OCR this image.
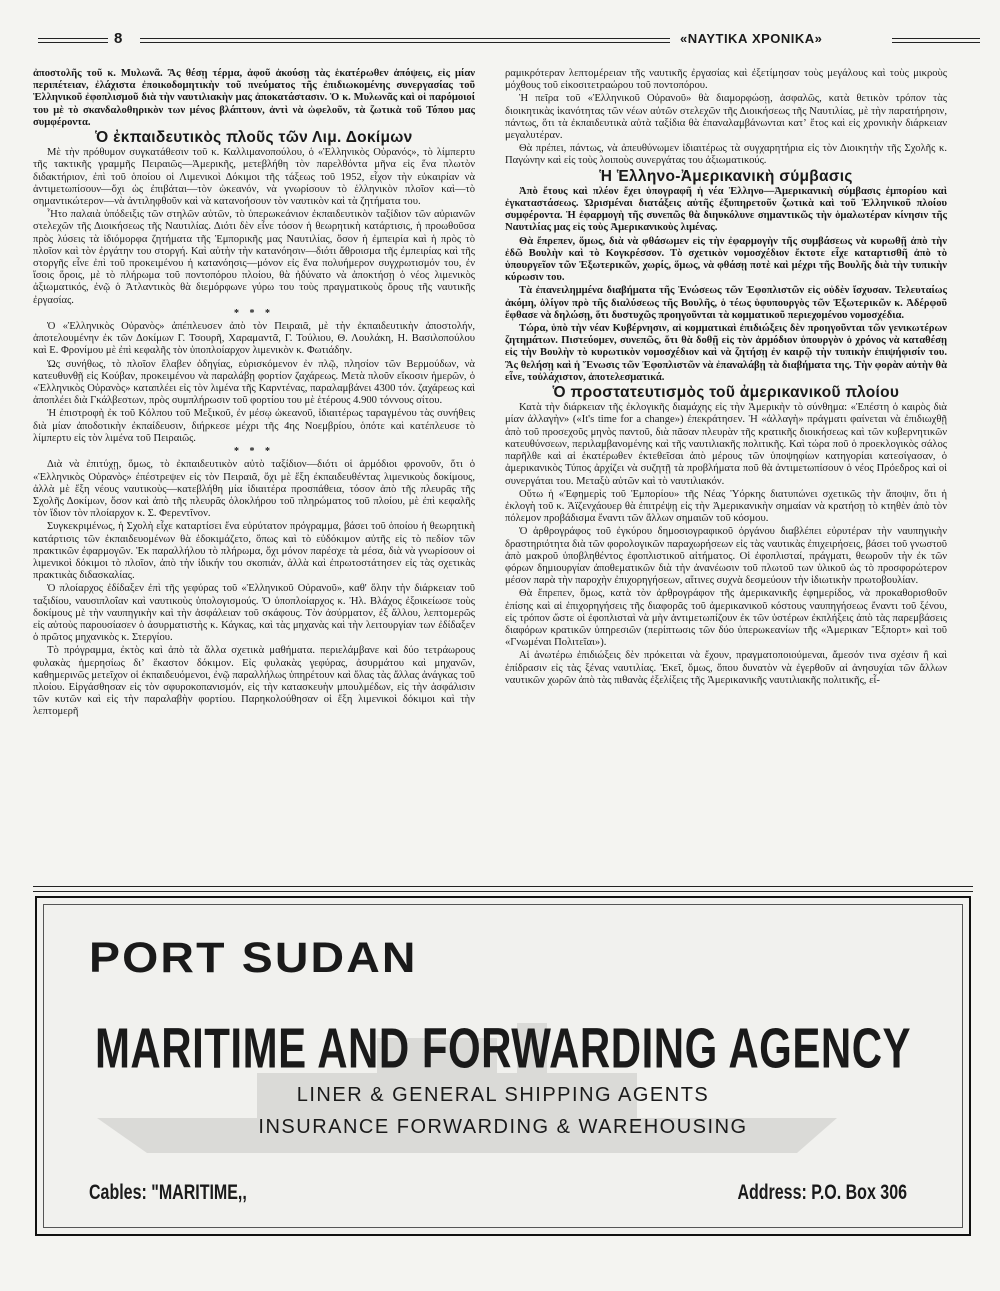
8	«ΝΑΥΤΙΚΑ ΧΡΟΝΙΚΑ»

ἀποστολῆς τοῦ κ. Μυλωνᾶ. Ἂς θέσῃ τέρμα, ἀφοῦ ἀκούσῃ τὰς ἑκατέρωθεν ἀπόψεις, εἰς μίαν περιπέτειαν, ἐλάχιστα ἐποικοδομητικὴν τοῦ πνεύματος τῆς ἐπιδιωκομένης συνεργασίας τοῦ Ἑλληνικοῦ ἐφοπλισμοῦ διὰ τὴν ναυτιλιακὴν μας ἀποκατάστασιν. Ὁ κ. Μυλωνᾶς καὶ οἱ παρόμοιοί του μὲ τὸ σκανδαλοθηρικὸν των μένος βλάπτουν, ἀντὶ νὰ ὠφελοῦν, τὰ ζωτικὰ τοῦ Τόπου μας συμφέροντα.

Ὁ ἐκπαιδευτικὸς πλοῦς τῶν Λιμ. Δοκίμων

Μὲ τὴν πρόθυμον συγκατάθεσιν τοῦ κ. Καλλιμανοπούλου, ὁ «Ἑλληνικὸς Οὐρανός», τὸ λίμπερτυ τῆς τακτικῆς γραμμῆς Πειραιῶς—Ἀμερικῆς, μετεβλήθη τὸν παρελθόντα μῆνα εἰς ἕνα πλωτὸν διδακτήριον, ἐπὶ τοῦ ὁποίου οἱ Λιμενικοὶ Δόκιμοι τῆς τάξεως τοῦ 1952, εἶχον τὴν εὐκαιρίαν νὰ ἀντιμετωπίσουν—ὄχι ὡς ἐπιβάται—τὸν ὠκεανόν, νὰ γνωρίσουν τὸ ἑλληνικὸν πλοῖον καὶ—τὸ σημαντικώτερον—νὰ ἀντιληφθοῦν καὶ νὰ κατανοήσουν τὸν ναυτικὸν καὶ τὰ ζητήματα του.

Ἦτο παλαιὰ ὑπόδειξις τῶν στηλῶν αὐτῶν, τὸ ὑπερωκεάνιον ἐκπαιδευτικὸν ταξίδιον τῶν αὐριανῶν στελεχῶν τῆς Διοικήσεως τῆς Ναυτιλίας. Διότι δὲν εἶνε τόσον ἡ θεωρητικὴ κατάρτισις, ἡ προωθοῦσα πρὸς λύσεις τὰ ἰδιόμορφα ζητήματα τῆς Ἐμπορικῆς μας Ναυτιλίας, ὅσον ἡ ἐμπειρία καὶ ἡ πρὸς τὸ πλοῖον καὶ τὸν ἐργάτην του στοργή. Καὶ αὐτὴν τὴν κατανόησιν—διότι ἄθροισμα τῆς ἐμπειρίας καὶ τῆς στοργῆς εἶνε ἐπὶ τοῦ προκειμένου ἡ κατανόησις—μόνον εἰς ἕνα πολυήμερον συγχρωτισμόν του, ἐν ἴσοις ὅροις, μὲ τὸ πλήρωμα τοῦ ποντοπόρου πλοίου, θὰ ἠδύνατο νὰ ἀποκτήσῃ ὁ νέος λιμενικὸς ἀξιωματικός, ἐνῷ ὁ Ἀτλαντικὸς θὰ διεμόρφωνε γύρω του τοὺς πραγματικοὺς ὅρους τῆς ναυτικῆς ἐργασίας.

* * *

Ὁ «Ἑλληνικὸς Οὐρανὸς» ἀπέπλευσεν ἀπὸ τὸν Πειραιᾶ, μὲ τὴν ἐκπαιδευτικὴν ἀποστολήν, ἀποτελουμένην ἐκ τῶν Δοκίμων Γ. Τσουρῆ, Χαραμαντᾶ, Γ. Τούλιου, Θ. Λουλάκη, Η. Βασιλοπούλου καὶ Ε. Φρονίμου μὲ ἐπὶ κεφαλῆς τὸν ὑποπλοίαρχον λιμενικὸν κ. Φωτιάδην.

Ὡς συνήθως, τὸ πλοῖον ἔλαβεν ὁδηγίας, εὑρισκόμενον ἐν πλῷ, πλησίον τῶν Βερμούδων, νὰ κατευθυνθῇ εἰς Κούβαν, προκειμένου νὰ παραλάβῃ φορτίον ζαχάρεως. Μετὰ πλοῦν εἴκοσιν ἡμερῶν, ὁ «Ἑλληνικὸς Οὐρανὸς» καταπλέει εἰς τὸν λιμένα τῆς Καρντένας, παραλαμβάνει 4300 τόν. ζαχάρεως καὶ ἀποπλέει διὰ Γκάλβεστων, πρὸς συμπλήρωσιν τοῦ φορτίου του μὲ ἑτέρους 4.900 τόννους σίτου.

Ἡ ἐπιστροφὴ ἐκ τοῦ Κόλπου τοῦ Μεξικοῦ, ἐν μέσῳ ὠκεανοῦ, ἰδιαιτέρως ταραγμένου τὰς συνήθεις διὰ μίαν ἀποδοτικὴν ἐκπαίδευσιν, διήρκεσε μέχρι τῆς 4ης Νοεμβρίου, ὁπότε καὶ κατέπλευσε τὸ λίμπερτυ εἰς τὸν λιμένα τοῦ Πειραιῶς.

* * *

Διὰ νὰ ἐπιτύχῃ, ὅμως, τὸ ἐκπαιδευτικὸν αὐτὸ ταξίδιον—διότι οἱ ἁρμόδιοι φρονοῦν, ὅτι ὁ «Ἑλληνικὸς Οὐρανὸς» ἐπέστρεψεν εἰς τὸν Πειραιᾶ, ὄχι μὲ ἕξη ἐκπαιδευθέντας λιμενικοὺς δοκίμους, ἀλλὰ μὲ ἕξη νέους ναυτικοὺς—κατεβλήθη μία ἰδιαιτέρα προσπάθεια, τόσον ἀπὸ τῆς πλευρᾶς τῆς Σχολῆς Δοκίμων, ὅσον καὶ ἀπὸ τῆς πλευρᾶς ὁλοκλήρου τοῦ πληρώματος τοῦ πλοίου, μὲ ἐπὶ κεφαλῆς τὸν ἴδιον τὸν πλοίαρχον κ. Σ. Φερεντῖνον.

Συγκεκριμένως, ἡ Σχολὴ εἶχε καταρτίσει ἕνα εὐρύτατον πρόγραμμα, βάσει τοῦ ὁποίου ἡ θεωρητικὴ κατάρτισις τῶν ἐκπαιδευομένων θὰ ἐδοκιμάζετο, ὅπως καὶ τὸ εὐδόκιμον αὐτῆς εἰς τὸ πεδίον τῶν πρακτικῶν ἐφαρμογῶν. Ἐκ παραλλήλου τὸ πλήρωμα, ὄχι μόνον παρέσχε τὰ μέσα, διὰ νὰ γνωρίσουν οἱ λιμενικοὶ δόκιμοι τὸ πλοῖον, ἀπὸ τὴν ἰδικήν του σκοπιάν, ἀλλὰ καὶ ἐπρωτοστάτησεν εἰς τὰς σχετικὰς πρακτικὰς διδασκαλίας.

Ὁ πλοίαρχος ἐδίδαξεν ἐπὶ τῆς γεφύρας τοῦ «Ἑλληνικοῦ Οὐρανοῦ», καθ' ὅλην τὴν διάρκειαν τοῦ ταξιδίου, ναυσιπλοΐαν καὶ ναυτικοὺς ὑπολογισμούς. Ὁ ὑποπλοίαρχος κ. Ἠλ. Βλάχος ἐξοικείωσε τοὺς δοκίμους μὲ τὴν ναυπηγικὴν καὶ τὴν ἀσφάλειαν τοῦ σκάφους. Τὸν ἀσύρματον, ἐξ ἄλλου, λεπτομερῶς εἰς αὐτοὺς παρουσίασεν ὁ ἀσυρματιστὴς κ. Κάγκας, καὶ τὰς μηχανὰς καὶ τὴν λειτουργίαν των ἐδίδαξεν ὁ πρῶτος μηχανικὸς κ. Στεργίου.

Τὸ πρόγραμμα, ἐκτὸς καὶ ἀπὸ τὰ ἄλλα σχετικὰ μαθήματα. περιελάμβανε καὶ δύο τετράωρους φυλακὰς ἡμερησίως διʼ ἕκαστον δόκιμον. Εἰς φυλακὰς γεφύρας, ἀσυρμάτου καὶ μηχανῶν, καθημερινῶς μετεῖχον οἱ ἐκπαιδευόμενοι, ἐνῷ παραλλήλως ὑπηρέτουν καὶ ὅλας τὰς ἄλλας ἀνάγκας τοῦ πλοίου. Εἰργάσθησαν εἰς τὸν σφυροκοπανισμόν, εἰς τὴν κατασκευὴν μπουλμέδων, εἰς τὴν ἀσφάλισιν τῶν κυτῶν καὶ εἰς τὴν παραλαβὴν φορτίου. Παρηκολούθησαν οἱ ἕξη λιμενικοὶ δόκιμοι καὶ τὴν λεπτομερῆ

ραμικρότεραν λεπτομέρειαν τῆς ναυτικῆς ἐργασίας καὶ ἐξετίμησαν τοὺς μεγάλους καὶ τοὺς μικροὺς μόχθους τοῦ εἰκοσιτετραώρου τοῦ ποντοπόρου.

Ἡ πεῖρα τοῦ «Ἑλληνικοῦ Οὐρανοῦ» θὰ διαμορφώσῃ, ἀσφαλῶς, κατὰ θετικὸν τρόπον τὰς διοικητικὰς ἱκανότητας τῶν νέων αὐτῶν στελεχῶν τῆς Διοικήσεως τῆς Ναυτιλίας, μὲ τὴν παρατήρησιν, πάντως, ὅτι τὰ ἐκπαιδευτικὰ αὐτὰ ταξίδια θὰ ἐπαναλαμβάνωνται κατʼ ἔτος καὶ εἰς χρονικὴν διάρκειαν μεγαλυτέραν.

Θὰ πρέπει, πάντως, νὰ ἀπευθύνωμεν ἰδιαιτέρως τὰ συγχαρητήρια εἰς τὸν Διοικητὴν τῆς Σχολῆς κ. Παγώνην καὶ εἰς τοὺς λοιποὺς συνεργάτας του ἀξιωματικούς.

Ἡ Ἑλληνο-Ἀμερικανικὴ σύμβασις

Ἀπὸ ἔτους καὶ πλέον ἔχει ὑπογραφῆ ἡ νέα Ἑλληνο—Ἀμερικανικὴ σύμβασις ἐμπορίου καὶ ἐγκαταστάσεως. Ὡρισμέναι διατάξεις αὐτῆς ἐξυπηρετοῦν ζωτικὰ καὶ τοῦ Ἑλληνικοῦ πλοίου συμφέροντα. Ἡ ἐφαρμογὴ τῆς συνεπῶς θὰ διηυκόλυνε σημαντικῶς τὴν ὁμαλωτέραν κίνησιν τῆς Ναυτιλίας μας εἰς τοὺς Ἀμερικανικοὺς λιμένας.

Θὰ ἔπρεπεν, ὅμως, διὰ νὰ φθάσωμεν εἰς τὴν ἐφαρμογὴν τῆς συμβάσεως νὰ κυρωθῇ ἀπὸ τὴν ἐδῶ Βουλὴν καὶ τὸ Κογκρέσσον. Τὸ σχετικὸν νομοσχέδιον ἔκτοτε εἶχε καταρτισθῆ ἀπὸ τὸ ὑπουργεῖον τῶν Ἐξωτερικῶν, χωρίς, ὅμως, νὰ φθάσῃ ποτὲ καὶ μέχρι τῆς Βουλῆς διὰ τὴν τυπικὴν κύρωσιν του.

Τὰ ἐπανειλημμένα διαβήματα τῆς Ἑνώσεως τῶν Ἐφοπλιστῶν εἰς οὐδὲν ἴσχυσαν. Τελευταίως ἀκόμη, ὀλίγον πρὸ τῆς διαλύσεως τῆς Βουλῆς, ὁ τέως ὑφυπουργὸς τῶν Ἐξωτερικῶν κ. Ἀδέρφοῦ ἔφθασε νὰ δηλώσῃ, ὅτι δυστυχῶς προηγοῦνται τὰ κομματικοῦ περιεχομένου νομοσχέδια.

Τώρα, ὑπὸ τὴν νέαν Κυβέρνησιν, αἱ κομματικαὶ ἐπιδιώξεις δὲν προηγοῦνται τῶν γενικωτέρων ζητημάτων. Πιστεύομεν, συνεπῶς, ὅτι θὰ δοθῇ εἰς τὸν ἁρμόδιον ὑπουργὸν ὁ χρόνος νὰ καταθέσῃ εἰς τὴν Βουλὴν τὸ κυρωτικὸν νομοσχέδιον καὶ νὰ ζητήσῃ ἐν καιρῷ τὴν τυπικὴν ἐπιψήφισίν του. Ἂς θελήσῃ καὶ ἡ Ἕνωσις τῶν Ἐφοπλιστῶν νὰ ἐπαναλάβῃ τὰ διαβήματα της. Τὴν φορὰν αὐτὴν θὰ εἶνε, τοὐλάχιστον, ἀποτελεσματικά.

Ὁ προστατευτισμὸς τοῦ ἀμερικανικοῦ πλοίου

Κατὰ τὴν διάρκειαν τῆς ἐκλογικῆς διαμάχης εἰς τὴν Ἀμερικὴν τὸ σύνθημα: «Ἐπέστη ὁ καιρὸς διὰ μίαν ἀλλαγὴν» («It's time for a change») ἐπεκράτησεν. Ἡ «ἀλλαγὴ» πράγματι φαίνεται νὰ ἐπιδιωχθῇ ἀπὸ τοῦ προσεχοῦς μηνὸς παντοῦ, διὰ πᾶσαν πλευρὰν τῆς κρατικῆς διοικήσεως καὶ τῶν κυβερνητικῶν κατευθύνσεων, περιλαμβανομένης καὶ τῆς ναυτιλιακῆς πολιτικῆς. Καὶ τώρα ποῦ ὁ προεκλογικὸς σάλος παρῆλθε καὶ αἱ ἑκατέρωθεν ἐκτεθεῖσαι ἀπὸ μέρους τῶν ὑποψηφίων κατηγορίαι κατεσίγασαν, ὁ ἀμερικανικὸς Τύπος ἀρχίζει νὰ συζητῇ τὰ προβλήματα ποῦ θὰ ἀντιμετωπίσουν ὁ νέος Πρόεδρος καὶ οἱ συνεργάται του. Μεταξὺ αὐτῶν καὶ τὸ ναυτιλιακόν.

Οὕτω ἡ «Ἐφημερὶς τοῦ Ἐμπορίου» τῆς Νέας Ὑόρκης διατυπώνει σχετικῶς τὴν ἄποψιν, ὅτι ἡ ἐκλογὴ τοῦ κ. Ἀϊζενχάουερ θὰ ἐπιτρέψῃ εἰς τὴν Ἀμερικανικὴν σημαίαν νὰ κρατήσῃ τὸ κτηθὲν ἀπὸ τὸν πόλεμον προβάδισμα ἔναντι τῶν ἄλλων σημαιῶν τοῦ κόσμου.

Ὁ ἀρθρογράφος τοῦ ἐγκύρου δημοσιογραφικοῦ ὀργάνου διαβλέπει εὐρυτέραν τὴν ναυπηγικὴν δραστηριότητα διὰ τῶν φορολογικῶν παραχωρήσεων εἰς τὰς ναυτικὰς ἐπιχειρήσεις, βάσει τοῦ γνωστοῦ ἀπὸ μακροῦ ὑποβληθέντος ἐφοπλιστικοῦ αἰτήματος. Οἱ ἐφοπλισταί, πράγματι, θεωροῦν τὴν ἐκ τῶν φόρων δημιουργίαν ἀποθεματικῶν διὰ τὴν ἀνανέωσιν τοῦ πλωτοῦ των ὑλικοῦ ὡς τὸ προσφορώτερον μέσον παρὰ τὴν παροχὴν ἐπιχορηγήσεων, αἵτινες συχνὰ δεσμεύουν τὴν ἰδιωτικὴν πρωτοβουλίαν.

Θὰ ἔπρεπεν, ὅμως, κατὰ τὸν ἀρθρογράφον τῆς ἀμερικανικῆς ἐφημερίδος, νὰ προκαθορισθοῦν ἐπίσης καὶ αἱ ἐπιχορηγήσεις τῆς διαφορᾶς τοῦ ἀμερικανικοῦ κόστους ναυπηγήσεως ἔναντι τοῦ ξένου, εἰς τρόπον ὥστε οἱ ἐφοπλισταὶ νὰ μὴν ἀντιμετωπίζουν ἐκ τῶν ὑστέρων ἐκπλήξεις ἀπὸ τὰς παρεμβάσεις διαφόρων κρατικῶν ὑπηρεσιῶν (περίπτωσις τῶν δύο ὑπερωκεανίων τῆς «Ἀμερικαν Ἔξπορτ» καὶ τοῦ «Γνωμέναι Πολιτεῖαι»).

Αἱ ἀνωτέρω ἐπιδιώξεις δὲν πρόκειται νὰ ἔχουν, πραγματοποιούμεναι, ἄμεσόν τινα σχέσιν ἢ καὶ ἐπίδρασιν εἰς τὰς ξένας ναυτιλίας. Ἐκεῖ, ὅμως, ὅπου δυνατὸν νὰ ἐγερθοῦν αἱ ἀνησυχίαι τῶν ἄλλων ναυτικῶν χωρῶν ἀπὸ τὰς πιθανὰς ἐξελίξεις τῆς Ἀμερικανικῆς ναυτιλιακῆς πολιτικῆς, εἶ-

PORT SUDAN
MARITIME AND FORWARDING AGENCY
LINER & GENERAL SHIPPING AGENTS
INSURANCE FORWARDING & WAREHOUSING
Cables: "MARITIME,,	Address: P.O. Box 306
